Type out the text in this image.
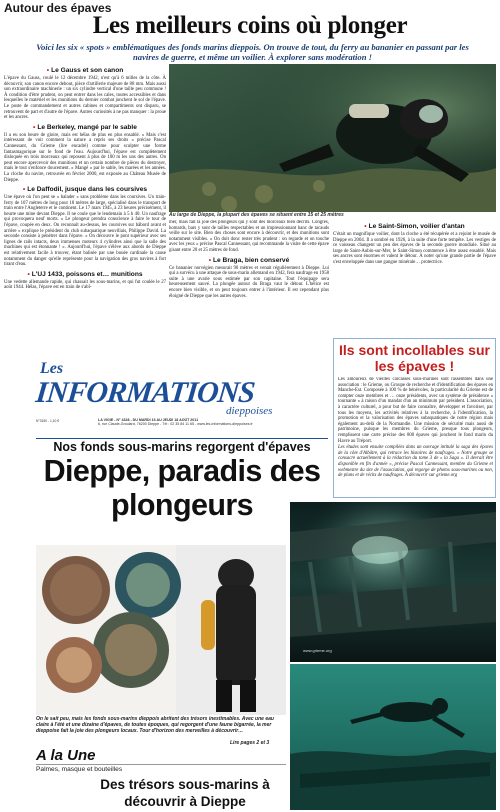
Autour des épaves
Les meilleurs coins où plonger
Voici les six « spots » emblématiques des fonds marins dieppois. On trouve de tout, du ferry au bananier en passant par les navires de guerre, et même un voilier. À explorer sans modération !
• Le Gauss et son canon

L'épave du Gauss, coulé le 12 décembre 1942, n'est qu'à 6 milles de la côte. À découvrir, son canon encore debout, pièce d'artillerie majeure de 88 mm. Mais aussi son extraordinaire machinerie : un six cylindre vertical d'une taille peu commune ! À condition d'être prudent, on peut entrer dans les cales, toutes accessibles et dans lesquelles le matériel et les munitions du dernier combat jonchent le sol de l'épave. Le poste de commandement et autres cabines et compartiments ont disparu, se retrouvent de part et d'autre de l'épave. Autres curiosités à ne pas manquer : la proue et les ancres.

• Le Berkeley, mangé par le sable

Il a eu son heure de gloire, mais est hélas de plus en plus ensablé. « Mais c'est intéressant de voir comment la nature a repris ses droits » précise Pascal Cannessant, du Grieme (lire encadré) comme pour sculpter une forme fantasmagorique sur le fond de l'eau. Aujourd'hui, l'épave est complètement disloquée en trois morceaux qui reposent à plus de 100 m les uns des autres. On peut encore apercevoir des munitions et un certain nombre de pièces du destroyer, mais le tout s'enfonce doucement. « Mangé » par le sable, les marées et les années. La cloche du navire, retrouvée en février 2000, est exposée au Château Musée de Dieppe.

• Le Daffodil, jusque dans les coursives

Une épave où l'on peut se « balader » sans problème dans les coursives. Un train-ferry de 107 mètres de long pour 18 mètres de large, spécialisé dans le transport de train entre l'Angleterre et le continent. Le 17 mars 1945, à 23 heures précisément, il heurte une mine devant Dieppe. Il ne coule que le lendemain à 5 h 40. Un naufrage qui provoquera neuf morts. « Le plongeur prendra conscience à faire le tour de l'épave, coupée en deux. On reconnaît au-dessus, les coursives sur bâbord avant et arrière » explique le président du club subaquatique neuvillais, Philippe David. La seconde consiste à pénétrer dans l'épave. « On découvre le pont supérieur avec ses lignes de rails intacts, deux immenses moteurs 4 cylindres ainsi que la salle des machines qui est étonnante ! ». Aujourd'hui, l'épave s'élève aux abords de Dieppe est relativement facile à trouver, étant balisée par une bouée cardinale la cause notamment du danger qu'elle représente pour la navigation des gros navires à fort tirant d'eau.

• L'UJ 1433, poissons et… munitions

Une vedette allemande rapide, qui chassait les sous-marins, et qui fut coulée le 27 août 1944. Hélas, l'épave est en train de s'abî-

Au large de Dieppe, la plupart des épaves se situent entre 15 et 25 mètres

mer, mais fait la joie des plongeurs qui y sont des morceaux bien décrits. Congres, homards, bars y sont de tailles respectables et un impressionnant banc de tacauds veille sur le site. Bien des choses sont encore à découvrir, et des munitions sont notamment visibles. « On doit donc rester très prudent : on regarde et on touche avec les yeux » précise Pascal Cannessant, qui recommande la visite de cette épave gisant entre 20 et 25 mètres de fond.

• Le Braga, bien conservé

Ce bananier norvégien mesurait 90 mètres et venait régulièrement à Dieppe. Lui qui a survécu à une attaque de sous-marin allemand en 1942, fera naufrage en 1958 suite à une avarie sous estimée par son capitaine. Tout l'équipage sera heureusement sauvé. La plongée autour du Braga vaut le détour. L'hélice est encore bien visible, et on peut toujours entrer à l'intérieur. Il est cependant plus éloigné de Dieppe que les autres épaves.

• Le Saint-Simon, voilier d'antan

C'était un magnifique voilier, dont la cloche a été récupérée et a rejoint le musée de Dieppe en 2004. Il a sombré en 1926, à la suite d'une forte tempête. Les vestiges de ce vaisseau changent un peu des épaves de la seconde guerre mondiale. Situé au large de Saint-Aubin-sur-Mer, le Saint-Simon commence à être assez ensablé. Mais ses ancres sont énormes et valent le détour. À noter qu'une grande partie de l'épave s'est enveloppée dans une gangue minérale… protectrice.

Ils sont incollables sur les épaves !

Les amoureux de vieilles carcasses sous-marines sont rassemblés dans une association : le Grieme, ou Groupe de recherche et d'identification des épaves en Manche-Est. Composée à 100 % de bénévoles, la particularité du Grieme est de compter onze membres et … onze présidents, avec un système de présidence « tournante » à raison d'un mandat d'un an minimum par président. L'association, à caractère culturel, a pour but de faire connaître, développer et favoriser, par tous les moyens, les activités relatives à la recherche, à l'identification, la promotion et la valorisation des épaves subaquatiques de notre région mais également au-delà de la Normandie. Une mission de sécurité mais aussi de patrimoine, puisque les membres du Grieme, presque tous plongeurs, remplissent une carte précise des 800 épaves qui jonchent le fond marin du Havre au Tréport.

Les études sont ensuite compilées dans un ouvrage intitulé la saga des épaves de la côte d'Albâtre, qui retrace les histoires de naufrages. « Notre groupe se consacre actuellement à la rédaction du tome 3 de « la Saga ». Il devrait être disponible en fin d'année », précise Pascal Cannessant, membre du Grieme et webmestre du site de l'association, qui regorge de photos sous-marines ou non, de plans et de récits de naufrages. À découvrir sur grieme.org

Les
INFORMATIONS
dieppoises
N°3150 - 1,10 €	LA VIGIE - N° 4328 - DU MARDI 16 AU JEUDI 18 AOÛT 2011
6, rue Claude-Groulard, 76200 Dieppe - Tél : 02 35 84 11 65 - www.les-informations-dieppoises.fr
Nos fonds sous-marins regorgent d'épaves
Dieppe, paradis des plongeurs
On le sait peu, mais les fonds sous-marins dieppois abritent des trésors inestimables. Avec une eau claire à l'été et une dizaine d'épaves, de toutes époques, qui regorgent d'une faune bigarrée, la mer dieppoise fait la joie des plongeurs locaux. Tour d'horizon des merveilles à découvrir…
Lire pages 2 et 3
A la Une
Palmes, masque et bouteilles
Des trésors sous-marins à découvrir à Dieppe
www.grieme.org
